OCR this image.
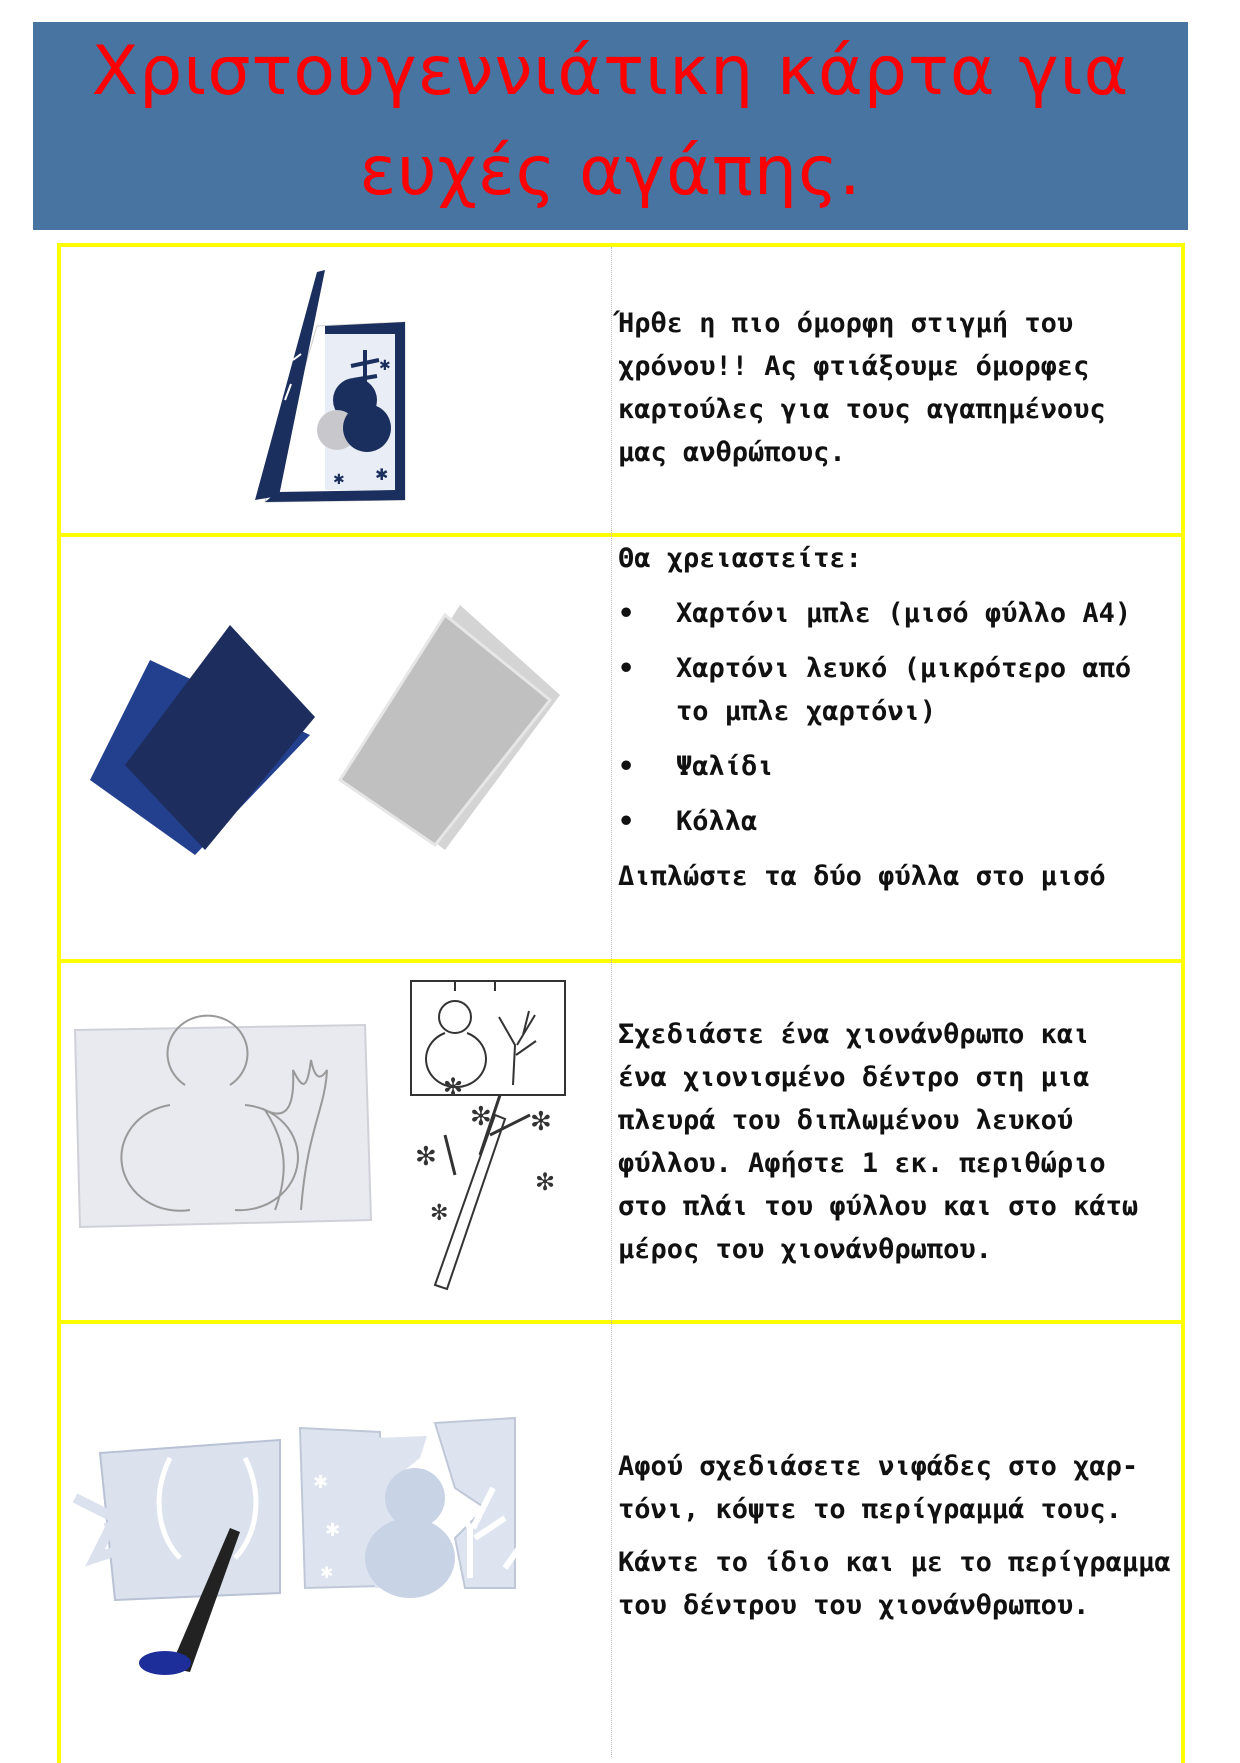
Χριστουγεννιάτικη κάρτα για
ευχές αγάπης.
✱
✱
✱

Ήρθε η πιο όμορφη στιγμή του

χρόνου!! Ας φτιάξουμε όμορφες

καρτούλες για τους αγαπημένους

μας ανθρώπους.

Θα χρειαστείτε:

• Χαρτόνι μπλε (μισό φύλλο Α4)

• Χαρτόνι λευκό (μικρότερο από

το μπλε χαρτόνι)

• Ψαλίδι

• Κόλλα

Διπλώστε τα δύο φύλλα στο μισό

✻
✻ ✻
✻
✻
✻

Σχεδιάστε ένα χιονάνθρωπο και

ένα χιονισμένο δέντρο στη μια

πλευρά του διπλωμένου λευκού

φύλλου. Αφήστε 1 εκ. περιθώριο

στο πλάι του φύλλου και στο κάτω

μέρος του χιονάνθρωπου.

✱
✱
✱

Αφού σχεδιάσετε νιφάδες στο χαρ-

τόνι, κόψτε το περίγραμμά τους.

Κάντε το ίδιο και με το περίγραμμα

του δέντρου του χιονάνθρωπου.
